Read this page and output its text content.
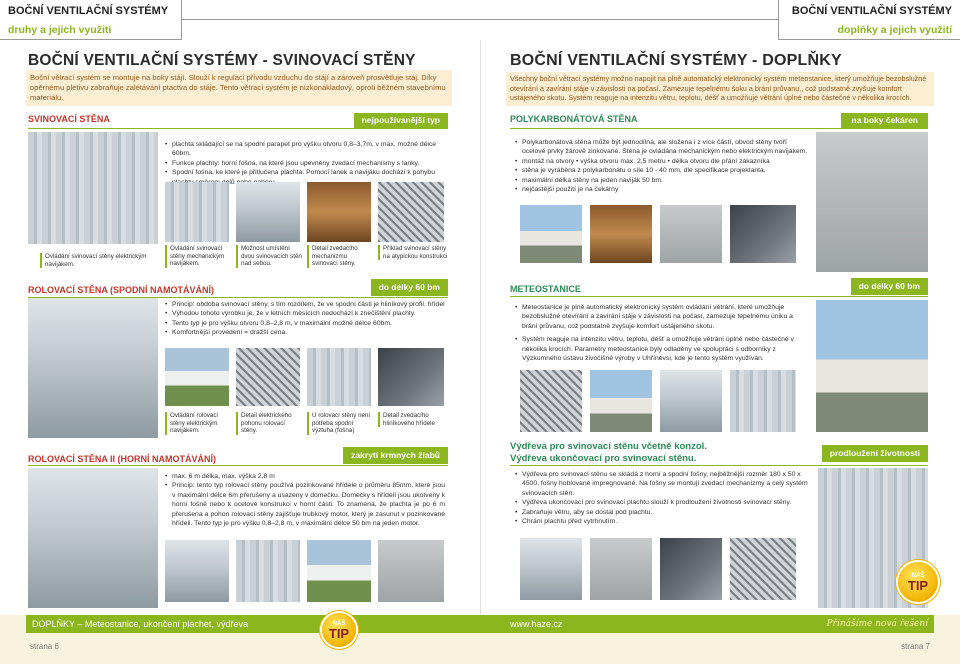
BOČNÍ VENTILAČNÍ SYSTÉMY
druhy a jejich využití
BOČNÍ VENTILAČNÍ SYSTÉMY
doplňky a jejich využití
BOČNÍ VENTILAČNÍ SYSTÉMY - SVINOVACÍ STĚNY
Boční větrací systém se montuje na boky stájí. Slouží k regulaci přívodu vzduchu do stájí a zároveň prosvětluje stáj. Díky opěrnému pletivu zabraňuje zalétávání ptactva do stáje. Tento větrací systém je nízkonákladový, oproti běžném stavebnímu materiálu.
SVINOVACÍ STĚNA	nejpoužívanější typ
• plachta skládající se na spodní parapet pro výšku otvoru 0,8–3,7m, v max. možné délce 60bm.
• Funkce plachty: horní fošna, na které jsou upevněny zvedací mechanismy s lanky.
• Spodní fošna, ke které je přitlučena plachta. Pomocí lanek a navijáku dochází k pohybu
Ovládání svinovací stěny elektrickým navijákem.
Ovládání svinovací stěny mechanickým navijákem.
Možnost umístění dvou svinovacích stěn nad sebou.
Detail zvedacího mechanizmu svinovací stěny.
Příklad svinovací stěny na atypickou konstrukci
ROLOVACÍ STĚNA (SPODNÍ NAMOTÁVÁNÍ)	do délky 60 bm
• Princip: obdoba svinovací stěny, s tím rozdílem, že ve spodní části je hliníkový profil. hřídel
• Výhodou tohoto výrobku je, že v letních měsících nedochází k znečištění plachty.
• Tento typ je pro výšku otvoru 0,8–2,8 m, v maximální možné délce 60bm.
• Komfortnější provedení = dražší cena.
Ovládání rolovací stěny elektrickým navijákem.
Detail elektrického pohonu rolovací stěny.
U rolovací stěny není potřeba spodní výztuha (fošna)
Detail zvedacího hliníkového hřídele
ROLOVACÍ STĚNA II (HORNÍ NAMOTÁVÁNÍ)	zakrytí krmných žlabů
• max. 6 m délka, max. výška 2,8 m
• Princip: tento typ rolovací stěny používá pozinkované hřídele o průměru 85mm, které jsou v maximální délce 6m přerušeny a usazeny v domečku. Domečky s hřídelí jsou ukotveny k horní fošně nebo k ocelové konstrukci v horní části. To znamená, že plachta je po 6 m přerušena a pohon rolovací stěny zajišťuje trubkový motor, který je zasunut v pozinkované hřídeli. Tento typ je pro výšku 0,8–2,8 m, v maximální délce 50 bm na jeden motor.
DOPLŇKY – Meteostanice, ukončení plachet, výdřeva	NÁŠ
TIP
strana 6
BOČNÍ VENTILAČNÍ SYSTÉMY - DOPLŇKY
Všechny boční větrací systémy možno napojit na plně automatický elektronický systém meteostanice, který umožňuje bezobslužné otevírání a zavírání stáje v závislosti na počasí. Zamezuje tepelnému šoku a brání průvanu., což podstatně zvyšuje komfort ustájeného skotu. Systém reaguje na intenzitu větru, teplotu, déšť a umožňuje větrání úplné nebo částečné v několika krocích.
POLYKARBONÁTOVÁ STĚNA	na boky čekáren
• Polykarbonátová stěna může být jednodílná, ale složena i z více částí, obvod stěny tvoří ocelové prvky žárově zinkované. Stěna je ovládána mechanickým nebo elektrickým navijákem.
• montáž na otvory • výška otvoru max. 2,5 metru • délka otvoru dle přání zákazníka
• stěna je vyráběna z polykarbonátu o síle 10 - 40 mm, dle specifikace projektanta.
• maximální délka stěny na jeden naviják 50 bm.
• nejčastější použití je na čekárny
METEOSTANICE	do délky 60 bm
• Meteostanice je plně automatický elektronický systém ovládání větrání, které umožňuje bezobslužné otevírání a zavírání stáje v závislosti na počasí, zamezuje tepelnému úniku a brání průvanu, což podstatně zvyšuje komfort ustájeného skotu.
• Systém reaguje na intenzitu větru, teplotu, déšť a umožňuje větrání úplné nebo částečné v několika krocích. Parametry meteostanice byly odladěny ve spolupráci s odborníky z Výzkumného ústavu živočišné výroby v Uhříněvsi, kde je tento systém využíván.
Výdřeva pro svinovací stěnu včetně konzol.
Výdřeva ukončovací pro svinovací stěnu.	prodloužení životnosti
• Výdřeva pro svinovací stěnu se skládá z horní a spodní fošny, nejběžnější rozměr 180 x 50 x 4500, fošny hoblované impregnované. Na fošny se montují zvedací mechanizmy a celý systém svinovacích stěn.
• Výdřeva ukončovací pro svinovací plachtu slouží k prodloužení životnosti svinovací stěny.
• Zabraňuje větru, aby se dostal pod plachtu.
• Chrání plachtu před vytrhnutím.
NÁŠ
TIP
www.haze.cz	Přinášíme nová řešení
strana 7
